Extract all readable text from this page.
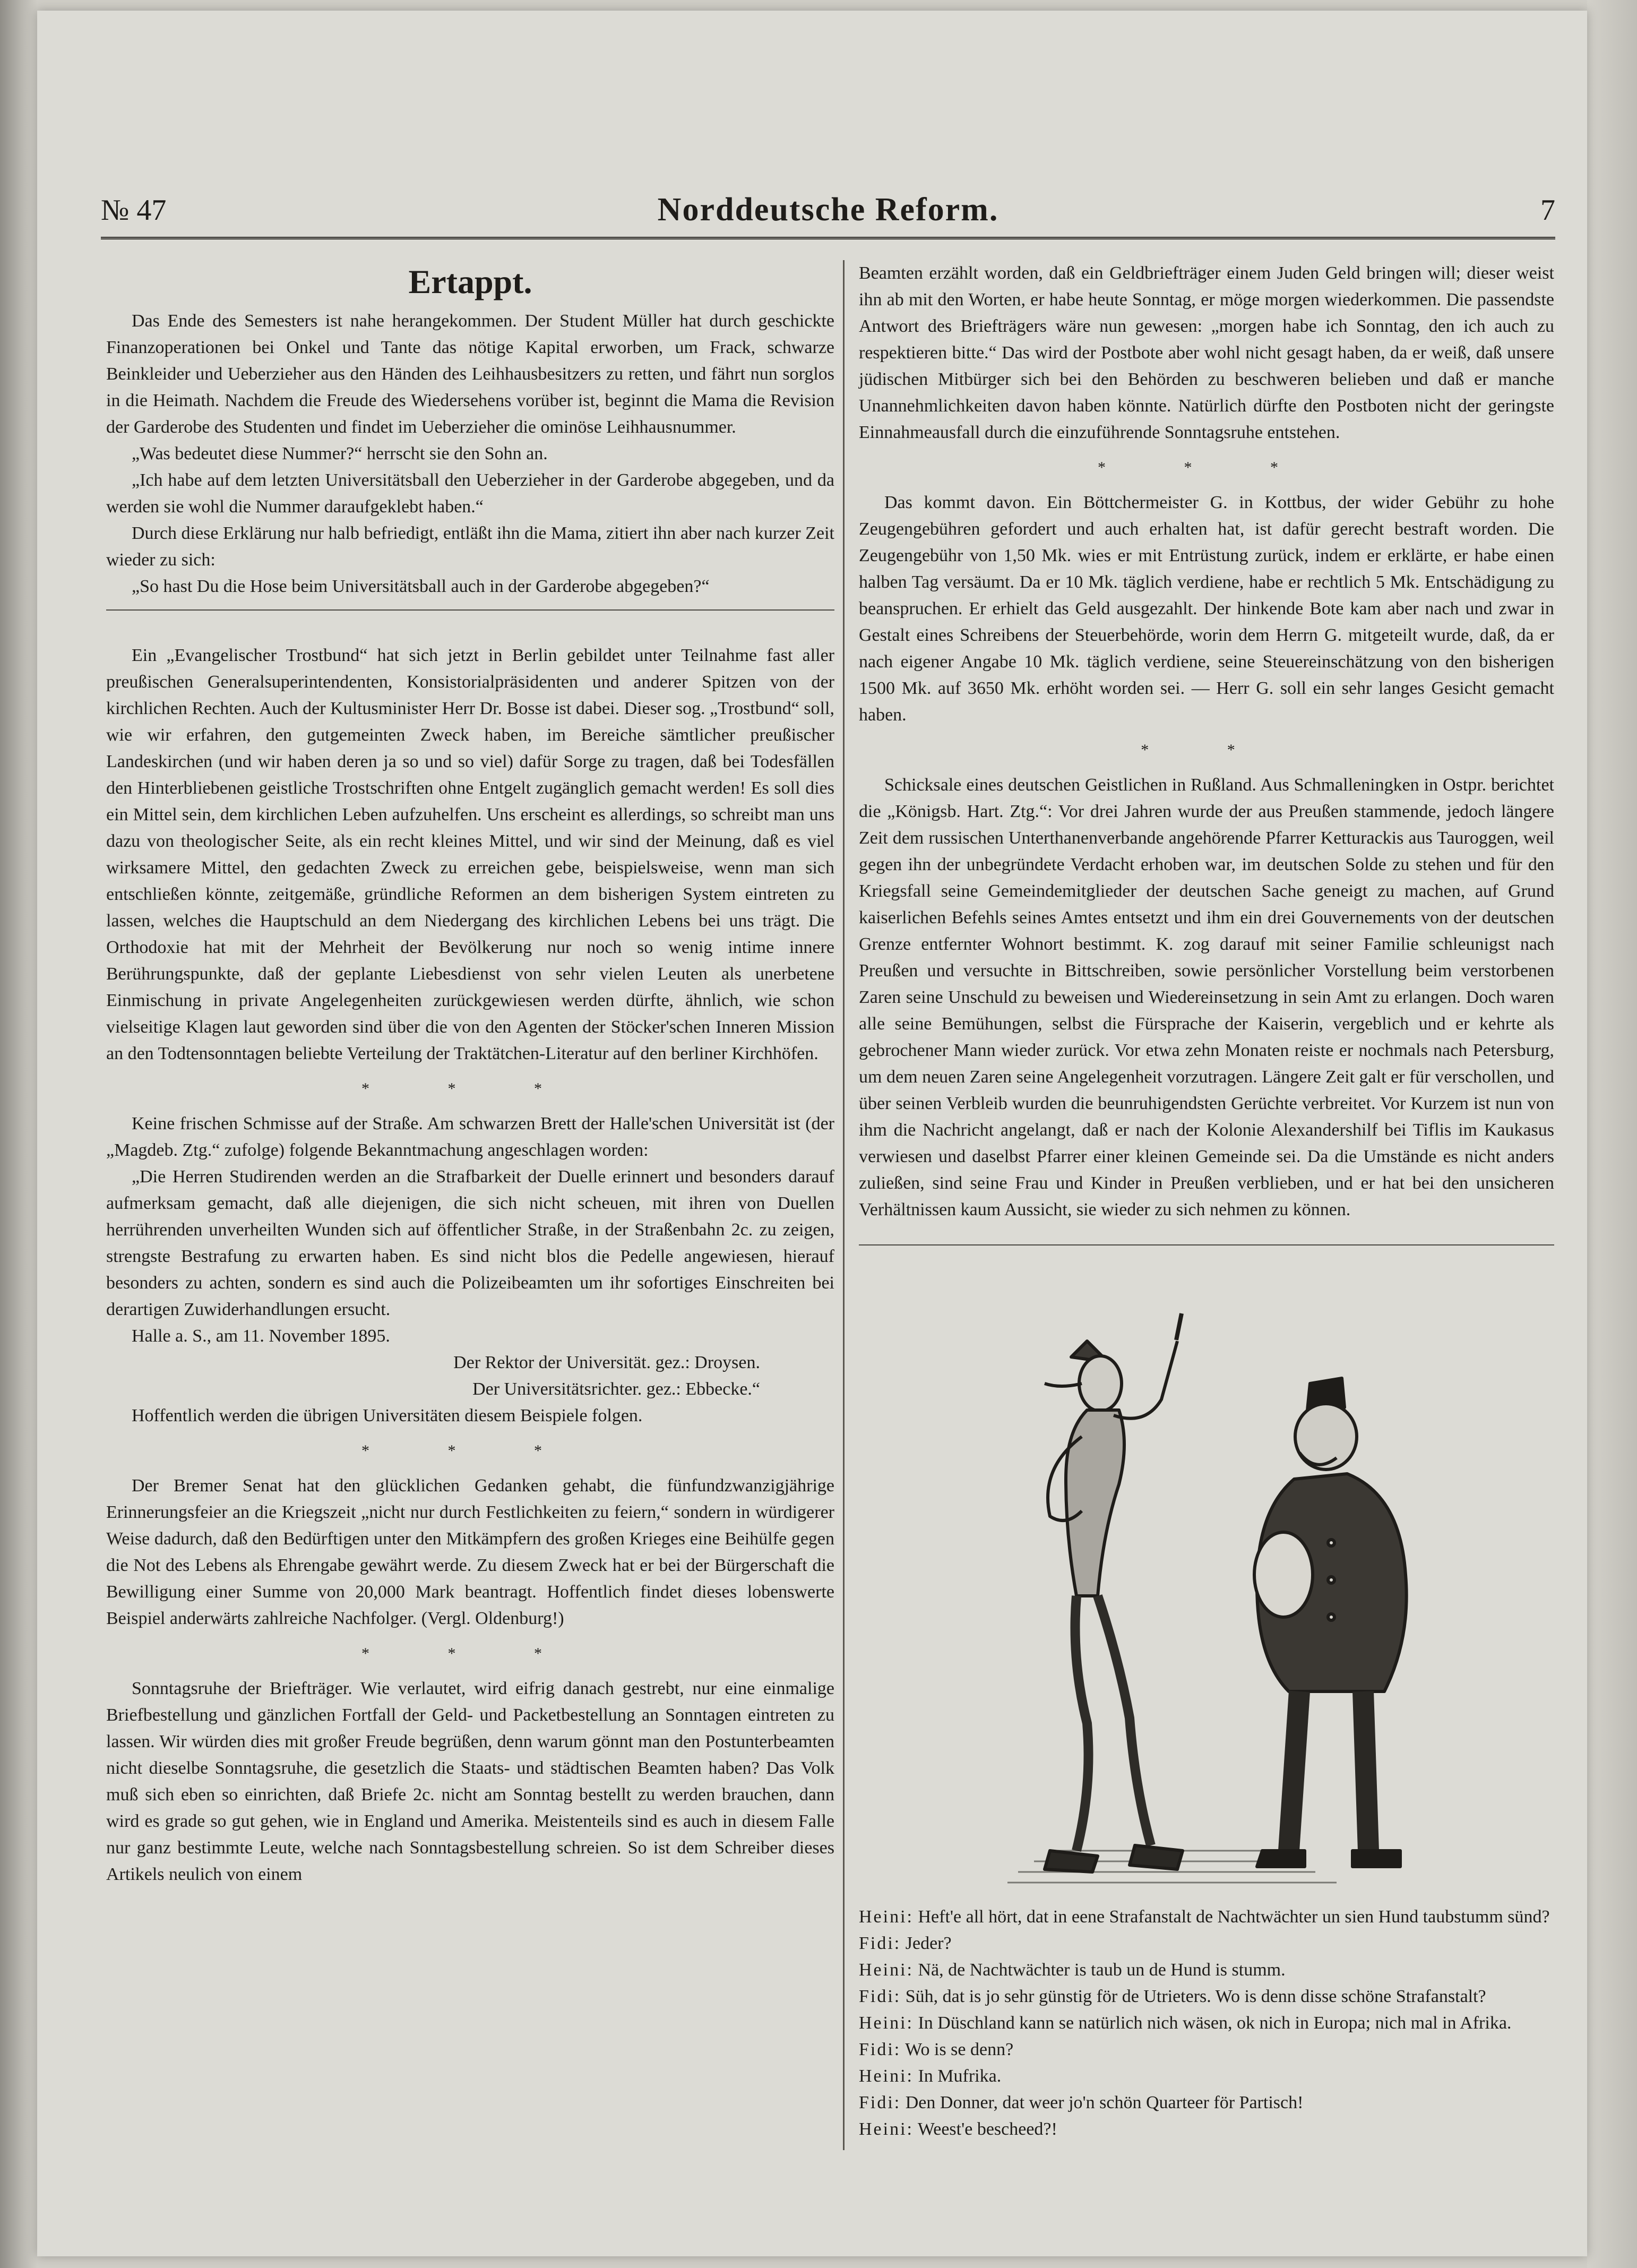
№ 47	Norddeutsche Reform.	7
Ertappt.

Das Ende des Semesters ist nahe herangekommen. Der Student Müller hat durch geschickte Finanzoperationen bei Onkel und Tante das nötige Kapital erworben, um Frack, schwarze Beinkleider und Ueberzieher aus den Händen des Leihhausbesitzers zu retten, und fährt nun sorglos in die Heimath. Nachdem die Freude des Wiedersehens vorüber ist, beginnt die Mama die Revision der Garderobe des Studenten und findet im Ueberzieher die ominöse Leihhausnummer.

„Was bedeutet diese Nummer?“ herrscht sie den Sohn an.

„Ich habe auf dem letzten Universitätsball den Ueberzieher in der Garderobe abgegeben, und da werden sie wohl die Nummer daraufgeklebt haben.“

Durch diese Erklärung nur halb befriedigt, entläßt ihn die Mama, zitiert ihn aber nach kurzer Zeit wieder zu sich:

„So hast Du die Hose beim Universitätsball auch in der Garderobe abgegeben?“

Ein „Evangelischer Trostbund“ hat sich jetzt in Berlin gebildet unter Teilnahme fast aller preußischen Generalsuperintendenten, Konsistorialpräsidenten und anderer Spitzen von der kirchlichen Rechten. Auch der Kultusminister Herr Dr. Bosse ist dabei. Dieser sog. „Trostbund“ soll, wie wir erfahren, den gutgemeinten Zweck haben, im Bereiche sämtlicher preußischer Landeskirchen (und wir haben deren ja so und so viel) dafür Sorge zu tragen, daß bei Todesfällen den Hinterbliebenen geistliche Trostschriften ohne Entgelt zugänglich gemacht werden! Es soll dies ein Mittel sein, dem kirchlichen Leben aufzuhelfen. Uns erscheint es allerdings, so schreibt man uns dazu von theologischer Seite, als ein recht kleines Mittel, und wir sind der Meinung, daß es viel wirksamere Mittel, den gedachten Zweck zu erreichen gebe, beispielsweise, wenn man sich entschließen könnte, zeitgemäße, gründliche Reformen an dem bisherigen System eintreten zu lassen, welches die Hauptschuld an dem Niedergang des kirchlichen Lebens bei uns trägt. Die Orthodoxie hat mit der Mehrheit der Bevölkerung nur noch so wenig intime innere Berührungspunkte, daß der geplante Liebesdienst von sehr vielen Leuten als unerbetene Einmischung in private Angelegenheiten zurückgewiesen werden dürfte, ähnlich, wie schon vielseitige Klagen laut geworden sind über die von den Agenten der Stöcker'schen Inneren Mission an den Todtensonntagen beliebte Verteilung der Traktätchen-Literatur auf den berliner Kirchhöfen.

* * *

Keine frischen Schmisse auf der Straße. Am schwarzen Brett der Halle'schen Universität ist (der „Magdeb. Ztg.“ zufolge) folgende Bekanntmachung angeschlagen worden:

„Die Herren Studirenden werden an die Strafbarkeit der Duelle erinnert und besonders darauf aufmerksam gemacht, daß alle diejenigen, die sich nicht scheuen, mit ihren von Duellen herrührenden unverheilten Wunden sich auf öffentlicher Straße, in der Straßenbahn 2c. zu zeigen, strengste Bestrafung zu erwarten haben. Es sind nicht blos die Pedelle angewiesen, hierauf besonders zu achten, sondern es sind auch die Polizeibeamten um ihr sofortiges Einschreiten bei derartigen Zuwiderhandlungen ersucht.

Halle a. S., am 11. November 1895.

Der Rektor der Universität. gez.: Droysen.

Der Universitätsrichter. gez.: Ebbecke.“

Hoffentlich werden die übrigen Universitäten diesem Beispiele folgen.

* * *

Der Bremer Senat hat den glücklichen Gedanken gehabt, die fünfundzwanzigjährige Erinnerungsfeier an die Kriegszeit „nicht nur durch Festlichkeiten zu feiern,“ sondern in würdigerer Weise dadurch, daß den Bedürftigen unter den Mitkämpfern des großen Krieges eine Beihülfe gegen die Not des Lebens als Ehrengabe gewährt werde. Zu diesem Zweck hat er bei der Bürgerschaft die Bewilligung einer Summe von 20,000 Mark beantragt. Hoffentlich findet dieses lobenswerte Beispiel anderwärts zahlreiche Nachfolger. (Vergl. Oldenburg!)

* * *

Sonntagsruhe der Briefträger. Wie verlautet, wird eifrig danach gestrebt, nur eine einmalige Briefbestellung und gänzlichen Fortfall der Geld- und Packetbestellung an Sonntagen eintreten zu lassen. Wir würden dies mit großer Freude begrüßen, denn warum gönnt man den Postunterbeamten nicht dieselbe Sonntagsruhe, die gesetzlich die Staats- und städtischen Beamten haben? Das Volk muß sich eben so einrichten, daß Briefe 2c. nicht am Sonntag bestellt zu werden brauchen, dann wird es grade so gut gehen, wie in England und Amerika. Meistenteils sind es auch in diesem Falle nur ganz bestimmte Leute, welche nach Sonntagsbestellung schreien. So ist dem Schreiber dieses Artikels neulich von einem

Beamten erzählt worden, daß ein Geldbriefträger einem Juden Geld bringen will; dieser weist ihn ab mit den Worten, er habe heute Sonntag, er möge morgen wiederkommen. Die passendste Antwort des Briefträgers wäre nun gewesen: „morgen habe ich Sonntag, den ich auch zu respektieren bitte.“ Das wird der Postbote aber wohl nicht gesagt haben, da er weiß, daß unsere jüdischen Mitbürger sich bei den Behörden zu beschweren belieben und daß er manche Unannehmlichkeiten davon haben könnte. Natürlich dürfte den Postboten nicht der geringste Einnahmeausfall durch die einzuführende Sonntagsruhe entstehen.

* * *

Das kommt davon. Ein Böttchermeister G. in Kottbus, der wider Gebühr zu hohe Zeugengebühren gefordert und auch erhalten hat, ist dafür gerecht bestraft worden. Die Zeugengebühr von 1,50 Mk. wies er mit Entrüstung zurück, indem er erklärte, er habe einen halben Tag versäumt. Da er 10 Mk. täglich verdiene, habe er rechtlich 5 Mk. Entschädigung zu beanspruchen. Er erhielt das Geld ausgezahlt. Der hinkende Bote kam aber nach und zwar in Gestalt eines Schreibens der Steuerbehörde, worin dem Herrn G. mitgeteilt wurde, daß, da er nach eigener Angabe 10 Mk. täglich verdiene, seine Steuereinschätzung von den bisherigen 1500 Mk. auf 3650 Mk. erhöht worden sei. — Herr G. soll ein sehr langes Gesicht gemacht haben.

* *

Schicksale eines deutschen Geistlichen in Rußland. Aus Schmalleningken in Ostpr. berichtet die „Königsb. Hart. Ztg.“: Vor drei Jahren wurde der aus Preußen stammende, jedoch längere Zeit dem russischen Unterthanenverbande angehörende Pfarrer Ketturackis aus Tauroggen, weil gegen ihn der unbegründete Verdacht erhoben war, im deutschen Solde zu stehen und für den Kriegsfall seine Gemeindemitglieder der deutschen Sache geneigt zu machen, auf Grund kaiserlichen Befehls seines Amtes entsetzt und ihm ein drei Gouvernements von der deutschen Grenze entfernter Wohnort bestimmt. K. zog darauf mit seiner Familie schleunigst nach Preußen und versuchte in Bittschreiben, sowie persönlicher Vorstellung beim verstorbenen Zaren seine Unschuld zu beweisen und Wiedereinsetzung in sein Amt zu erlangen. Doch waren alle seine Bemühungen, selbst die Fürsprache der Kaiserin, vergeblich und er kehrte als gebrochener Mann wieder zurück. Vor etwa zehn Monaten reiste er nochmals nach Petersburg, um dem neuen Zaren seine Angelegenheit vorzutragen. Längere Zeit galt er für verschollen, und über seinen Verbleib wurden die beunruhigendsten Gerüchte verbreitet. Vor Kurzem ist nun von ihm die Nachricht angelangt, daß er nach der Kolonie Alexandershilf bei Tiflis im Kaukasus verwiesen und daselbst Pfarrer einer kleinen Gemeinde sei. Da die Umstände es nicht anders zuließen, sind seine Frau und Kinder in Preußen verblieben, und er hat bei den unsicheren Verhältnissen kaum Aussicht, sie wieder zu sich nehmen zu können.

Heini: Heft'e all hört, dat in eene Strafanstalt de Nachtwächter un sien Hund taubstumm sünd?

Fidi: Jeder?

Heini: Nä, de Nachtwächter is taub un de Hund is stumm.

Fidi: Süh, dat is jo sehr günstig för de Utrieters. Wo is denn disse schöne Strafanstalt?

Heini: In Düschland kann se natürlich nich wäsen, ok nich in Europa; nich mal in Afrika.

Fidi: Wo is se denn?

Heini: In Mufrika.

Fidi: Den Donner, dat weer jo'n schön Quarteer för Partisch!

Heini: Weest'e bescheed?!
